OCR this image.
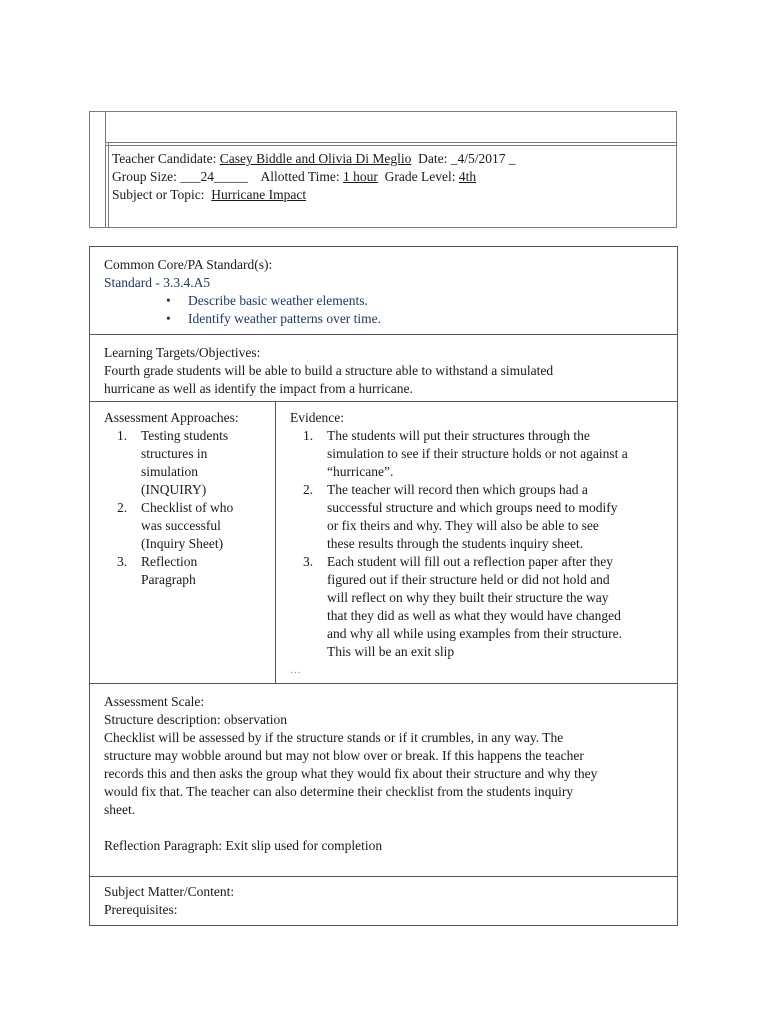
Teacher Candidate: Casey Biddle and Olivia Di Meglio  Date: _4/5/2017 _
Group Size: ___24_____    Allotted Time: 1 hour  Grade Level: 4th
Subject or Topic:  Hurricane Impact
Common Core/PA Standard(s):
Standard - 3.3.4.A5
• Describe basic weather elements.
• Identify weather patterns over time.
Learning Targets/Objectives:
Fourth grade students will be able to build a structure able to withstand a simulated
hurricane as well as identify the impact from a hurricane.
Assessment Approaches:
1. Testing students
structures in
simulation
(INQUIRY)
2. Checklist of who
was successful
(Inquiry Sheet)
3. Reflection
Paragraph
Evidence:
1. The students will put their structures through the
simulation to see if their structure holds or not against a
“hurricane”.
2. The teacher will record then which groups had a
successful structure and which groups need to modify
or fix theirs and why. They will also be able to see
these results through the students inquiry sheet.
3. Each student will fill out a reflection paper after they
figured out if their structure held or did not hold and
will reflect on why they built their structure the way
that they did as well as what they would have changed
and why all while using examples from their structure.
This will be an exit slip
…
Assessment Scale:
Structure description: observation
Checklist will be assessed by if the structure stands or if it crumbles, in any way. The
structure may wobble around but may not blow over or break. If this happens the teacher
records this and then asks the group what they would fix about their structure and why they
would fix that. The teacher can also determine their checklist from the students inquiry
sheet.
Reflection Paragraph: Exit slip used for completion
Subject Matter/Content:
Prerequisites:
